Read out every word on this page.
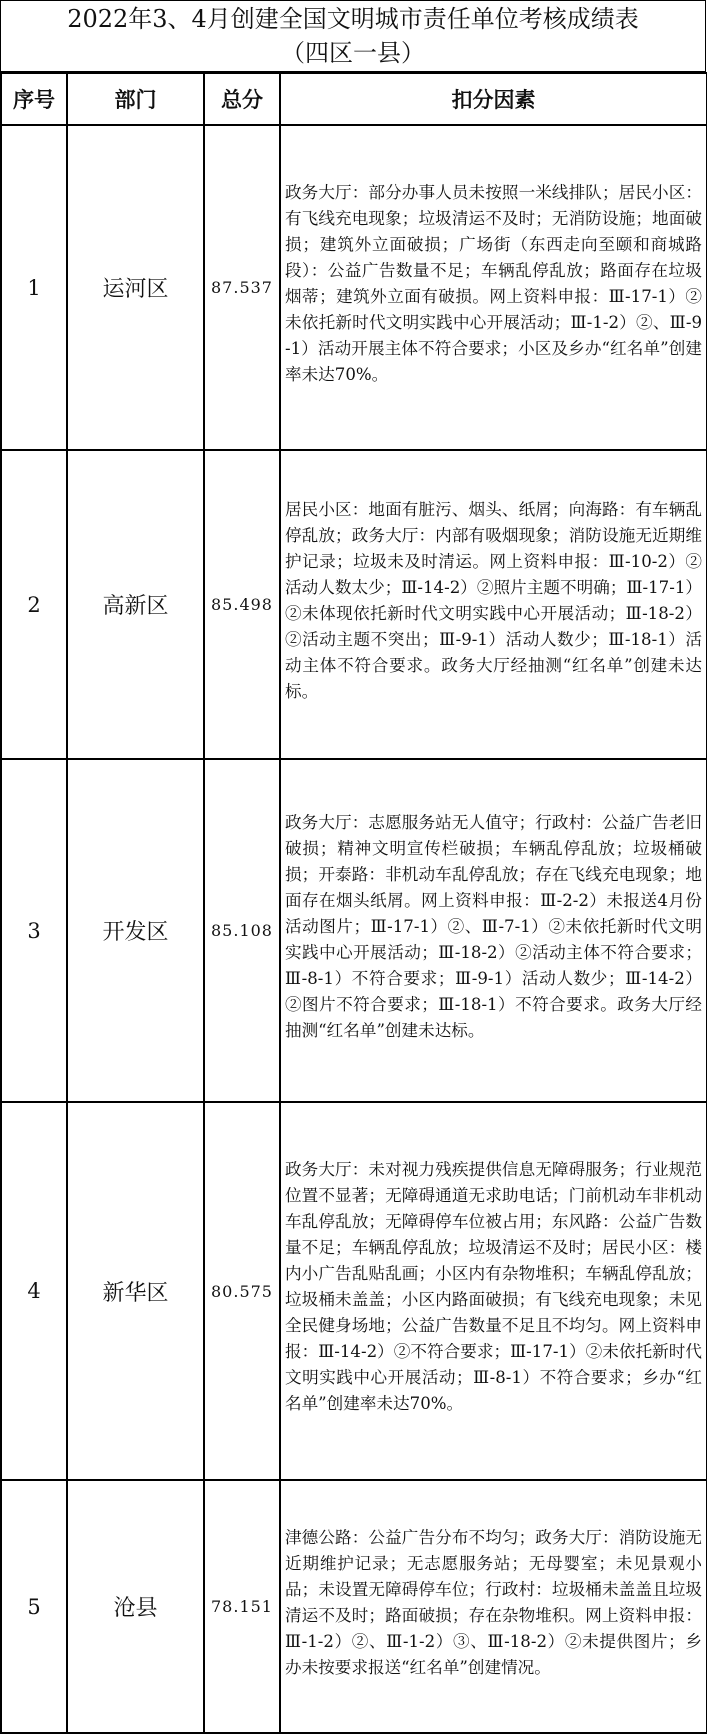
2022年3、4月创建全国文明城市责任单位考核成绩表

（四区一县）

序号	部门	总分	扣分因素
1	运河区	87.537	政务大厅：部分办事人员未按照一米线排队；居民小区：有飞线充电现象；垃圾清运不及时；无消防设施；地面破损；建筑外立面破损；广场街（东西走向至颐和商城路段）：公益广告数量不足；车辆乱停乱放；路面存在垃圾烟蒂；建筑外立面有破损。网上资料申报：Ⅲ-17-1）②未依托新时代文明实践中心开展活动；Ⅲ-1-2）②、Ⅲ-9-1）活动开展主体不符合要求；小区及乡办“红名单”创建率未达70%。

2	高新区	85.498	居民小区：地面有脏污、烟头、纸屑；向海路：有车辆乱停乱放；政务大厅：内部有吸烟现象；消防设施无近期维护记录；垃圾未及时清运。网上资料申报：Ⅲ-10-2）②活动人数太少；Ⅲ-14-2）②照片主题不明确；Ⅲ-17-1）②未体现依托新时代文明实践中心开展活动；Ⅲ-18-2）②活动主题不突出；Ⅲ-9-1）活动人数少；Ⅲ-18-1）活动主体不符合要求。政务大厅经抽测“红名单”创建未达标。

3	开发区	85.108	政务大厅：志愿服务站无人值守；行政村：公益广告老旧破损；精神文明宣传栏破损；车辆乱停乱放；垃圾桶破损；开泰路：非机动车乱停乱放；存在飞线充电现象；地面存在烟头纸屑。网上资料申报：Ⅲ-2-2）未报送4月份活动图片；Ⅲ-17-1）②、Ⅲ-7-1）②未依托新时代文明实践中心开展活动；Ⅲ-18-2）②活动主体不符合要求；Ⅲ-8-1）不符合要求；Ⅲ-9-1）活动人数少；Ⅲ-14-2）②图片不符合要求；Ⅲ-18-1）不符合要求。政务大厅经抽测“红名单”创建未达标。

4	新华区	80.575	政务大厅：未对视力残疾提供信息无障碍服务；行业规范位置不显著；无障碍通道无求助电话；门前机动车非机动车乱停乱放；无障碍停车位被占用；东风路：公益广告数量不足；车辆乱停乱放；垃圾清运不及时；居民小区：楼内小广告乱贴乱画；小区内有杂物堆积；车辆乱停乱放；垃圾桶未盖盖；小区内路面破损；有飞线充电现象；未见全民健身场地；公益广告数量不足且不均匀。网上资料申报：Ⅲ-14-2）②不符合要求；Ⅲ-17-1）②未依托新时代文明实践中心开展活动；Ⅲ-8-1）不符合要求；乡办“红名单”创建率未达70%。

5	沧县	78.151	津德公路：公益广告分布不均匀；政务大厅：消防设施无近期维护记录；无志愿服务站；无母婴室；未见景观小品；未设置无障碍停车位；行政村：垃圾桶未盖盖且垃圾清运不及时；路面破损；存在杂物堆积。网上资料申报：Ⅲ-1-2）②、Ⅲ-1-2）③、Ⅲ-18-2）②未提供图片；乡办未按要求报送“红名单”创建情况。
